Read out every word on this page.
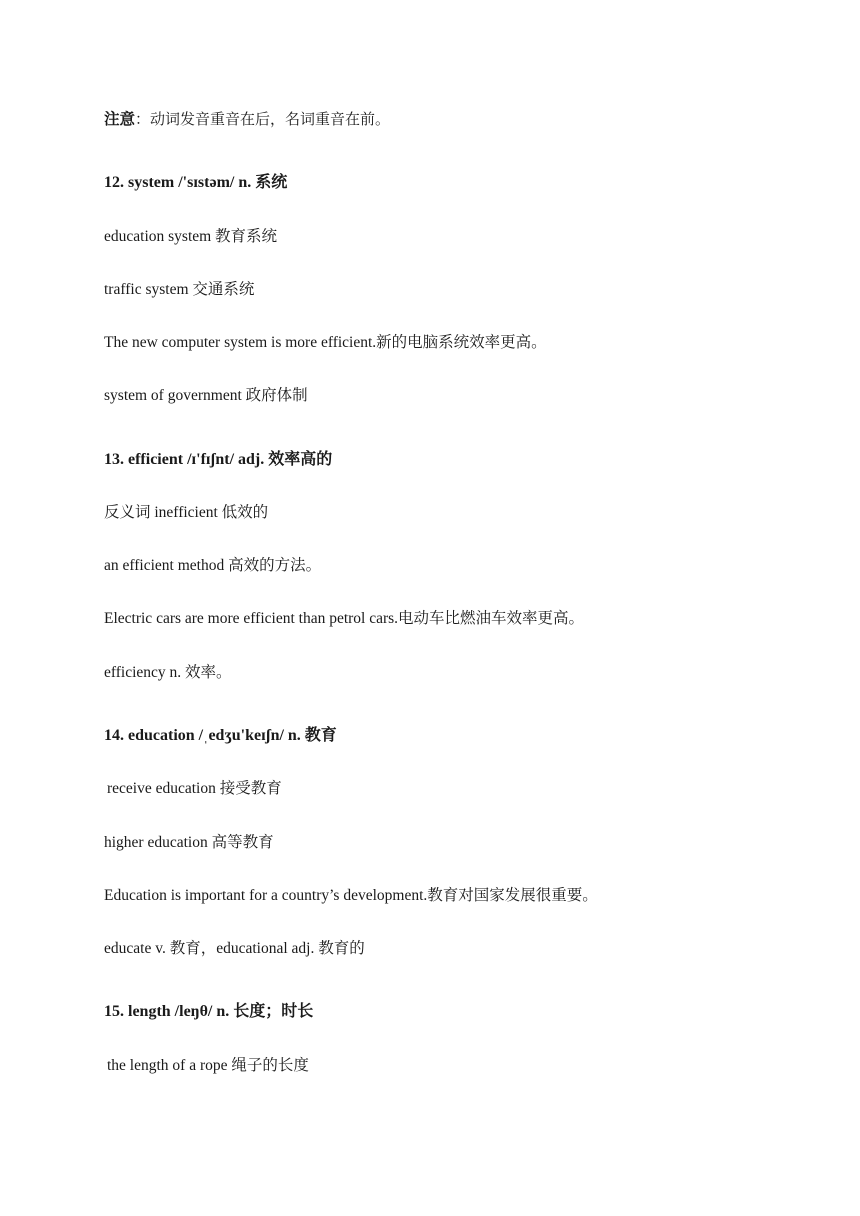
注意：动词发音重音在后，名词重音在前。
12. system /'sɪstəm/ n. 系统
education system 教育系统
traffic system 交通系统
The new computer system is more efficient.新的电脑系统效率更高。
system of government 政府体制
13. efficient /ɪ'fɪʃnt/ adj. 效率高的
反义词 inefficient 低效的
an efficient method 高效的方法。
Electric cars are more efficient than petrol cars.电动车比燃油车效率更高。
efficiency n. 效率。
14. education /ˌedʒu'keɪʃn/ n. 教育
receive education 接受教育
higher education 高等教育
Education is important for a country’s development.教育对国家发展很重要。
educate v. 教育，educational adj. 教育的
15. length /leŋθ/ n. 长度；时长
the length of a rope 绳子的长度
